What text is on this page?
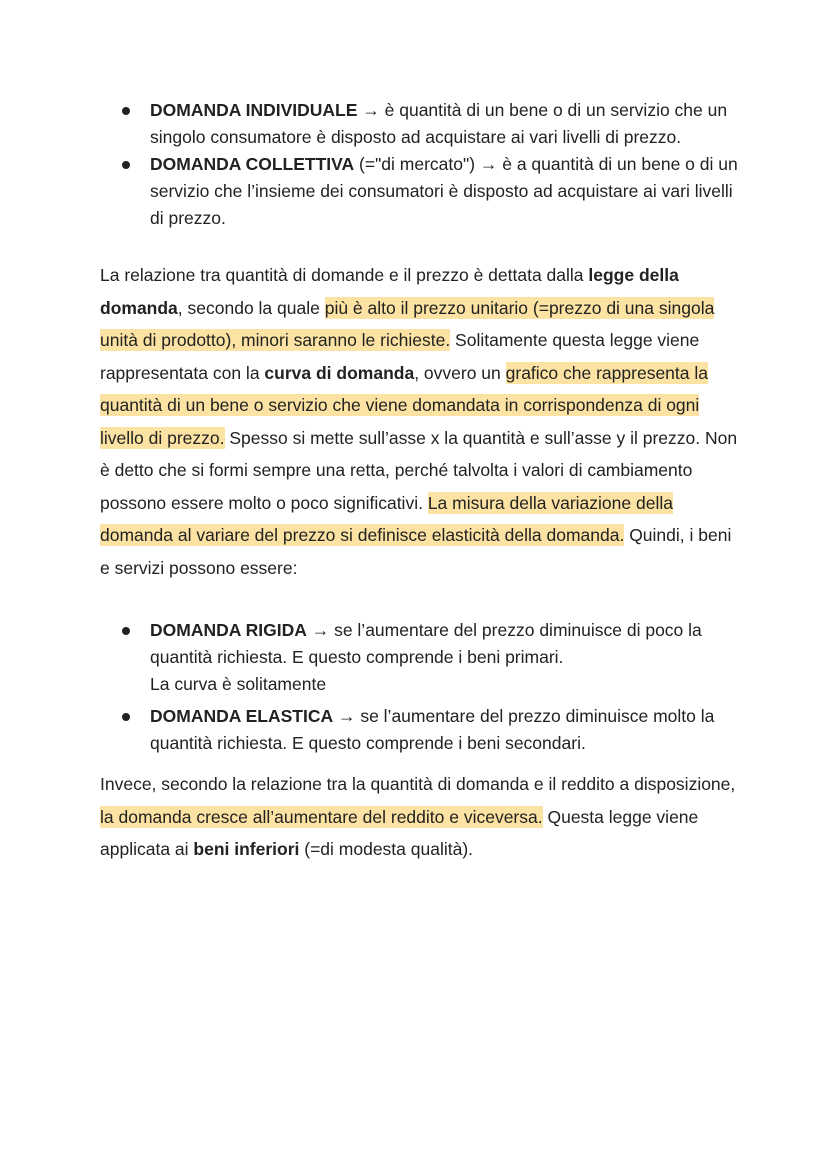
DOMANDA INDIVIDUALE → è quantità di un bene o di un servizio che un singolo consumatore è disposto ad acquistare ai vari livelli di prezzo.
DOMANDA COLLETTIVA (="di mercato") → è a quantità di un bene o di un servizio che l’insieme dei consumatori è disposto ad acquistare ai vari livelli di prezzo.

La relazione tra quantità di domande e il prezzo è dettata dalla legge della domanda, secondo la quale più è alto il prezzo unitario (=prezzo di una singola unità di prodotto), minori saranno le richieste. Solitamente questa legge viene rappresentata con la curva di domanda, ovvero un grafico che rappresenta la quantità di un bene o servizio che viene domandata in corrispondenza di ogni livello di prezzo. Spesso si mette sull’asse x la quantità e sull’asse y il prezzo. Non è detto che si formi sempre una retta, perché talvolta i valori di cambiamento possono essere molto o poco significativi. La misura della variazione della domanda al variare del prezzo si definisce elasticità della domanda. Quindi, i beni e servizi possono essere:

DOMANDA RIGIDA → se l’aumentare del prezzo diminuisce di poco la quantità richiesta. E questo comprende i beni primari.
La curva è solitamente
DOMANDA ELASTICA → se l’aumentare del prezzo diminuisce molto la quantità richiesta. E questo comprende i beni secondari.

Invece, secondo la relazione tra la quantità di domanda e il reddito a disposizione, la domanda cresce all’aumentare del reddito e viceversa. Questa legge viene applicata ai beni inferiori (=di modesta qualità).
